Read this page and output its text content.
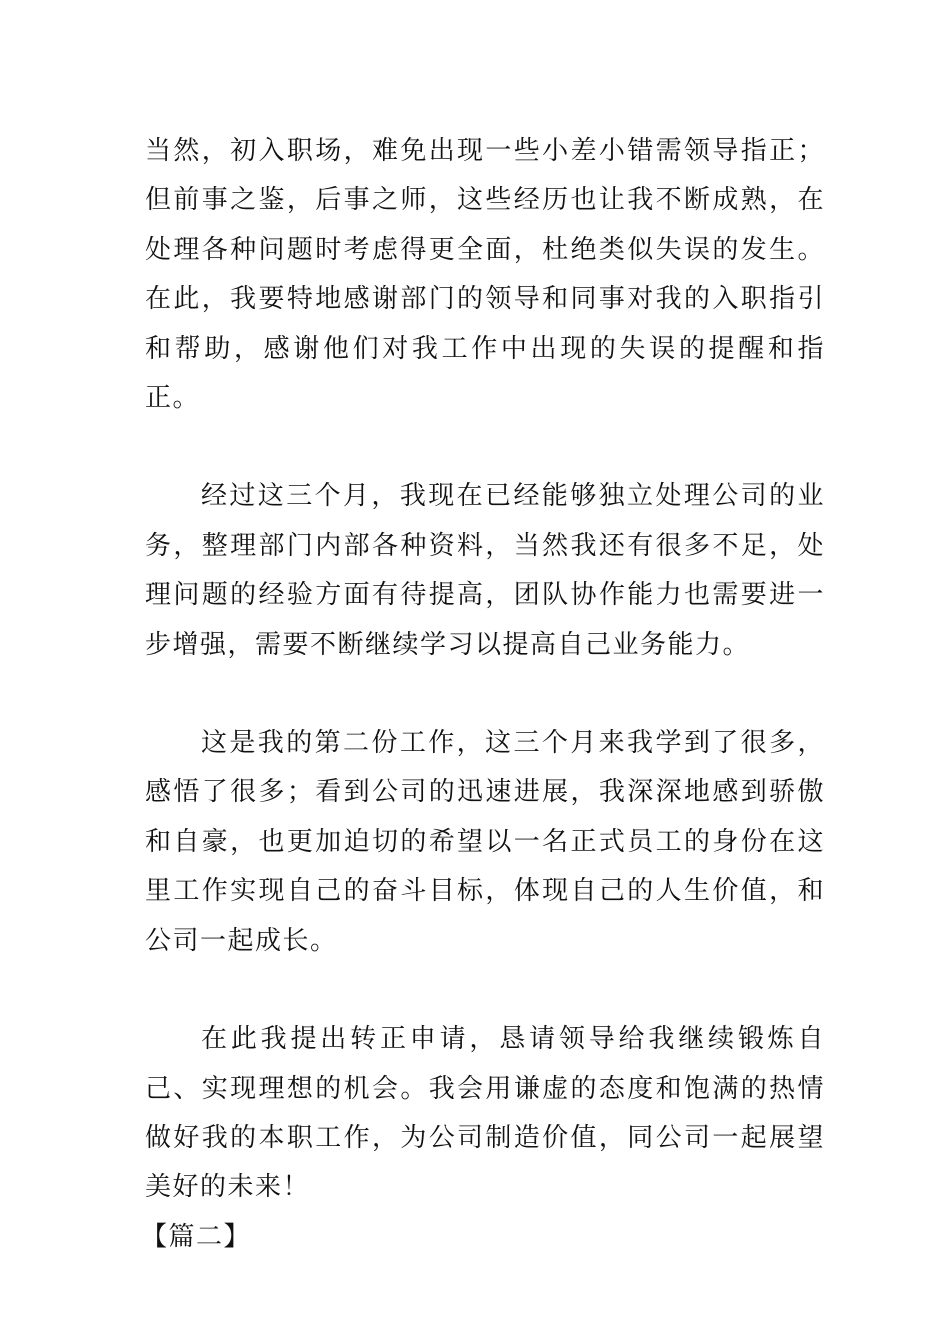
当然，初入职场，难免出现一些小差小错需领导指正；但前事之鉴，后事之师，这些经历也让我不断成熟，在处理各种问题时考虑得更全面，杜绝类似失误的发生。在此，我要特地感谢部门的领导和同事对我的入职指引和帮助，感谢他们对我工作中出现的失误的提醒和指正。

经过这三个月，我现在已经能够独立处理公司的业务，整理部门内部各种资料，当然我还有很多不足，处理问题的经验方面有待提高，团队协作能力也需要进一步增强，需要不断继续学习以提高自己业务能力。

这是我的第二份工作，这三个月来我学到了很多，感悟了很多；看到公司的迅速进展，我深深地感到骄傲和自豪，也更加迫切的希望以一名正式员工的身份在这里工作实现自己的奋斗目标，体现自己的人生价值，和公司一起成长。

在此我提出转正申请，恳请领导给我继续锻炼自己、实现理想的机会。我会用谦虚的态度和饱满的热情做好我的本职工作，为公司制造价值，同公司一起展望美好的未来！

【篇二】
